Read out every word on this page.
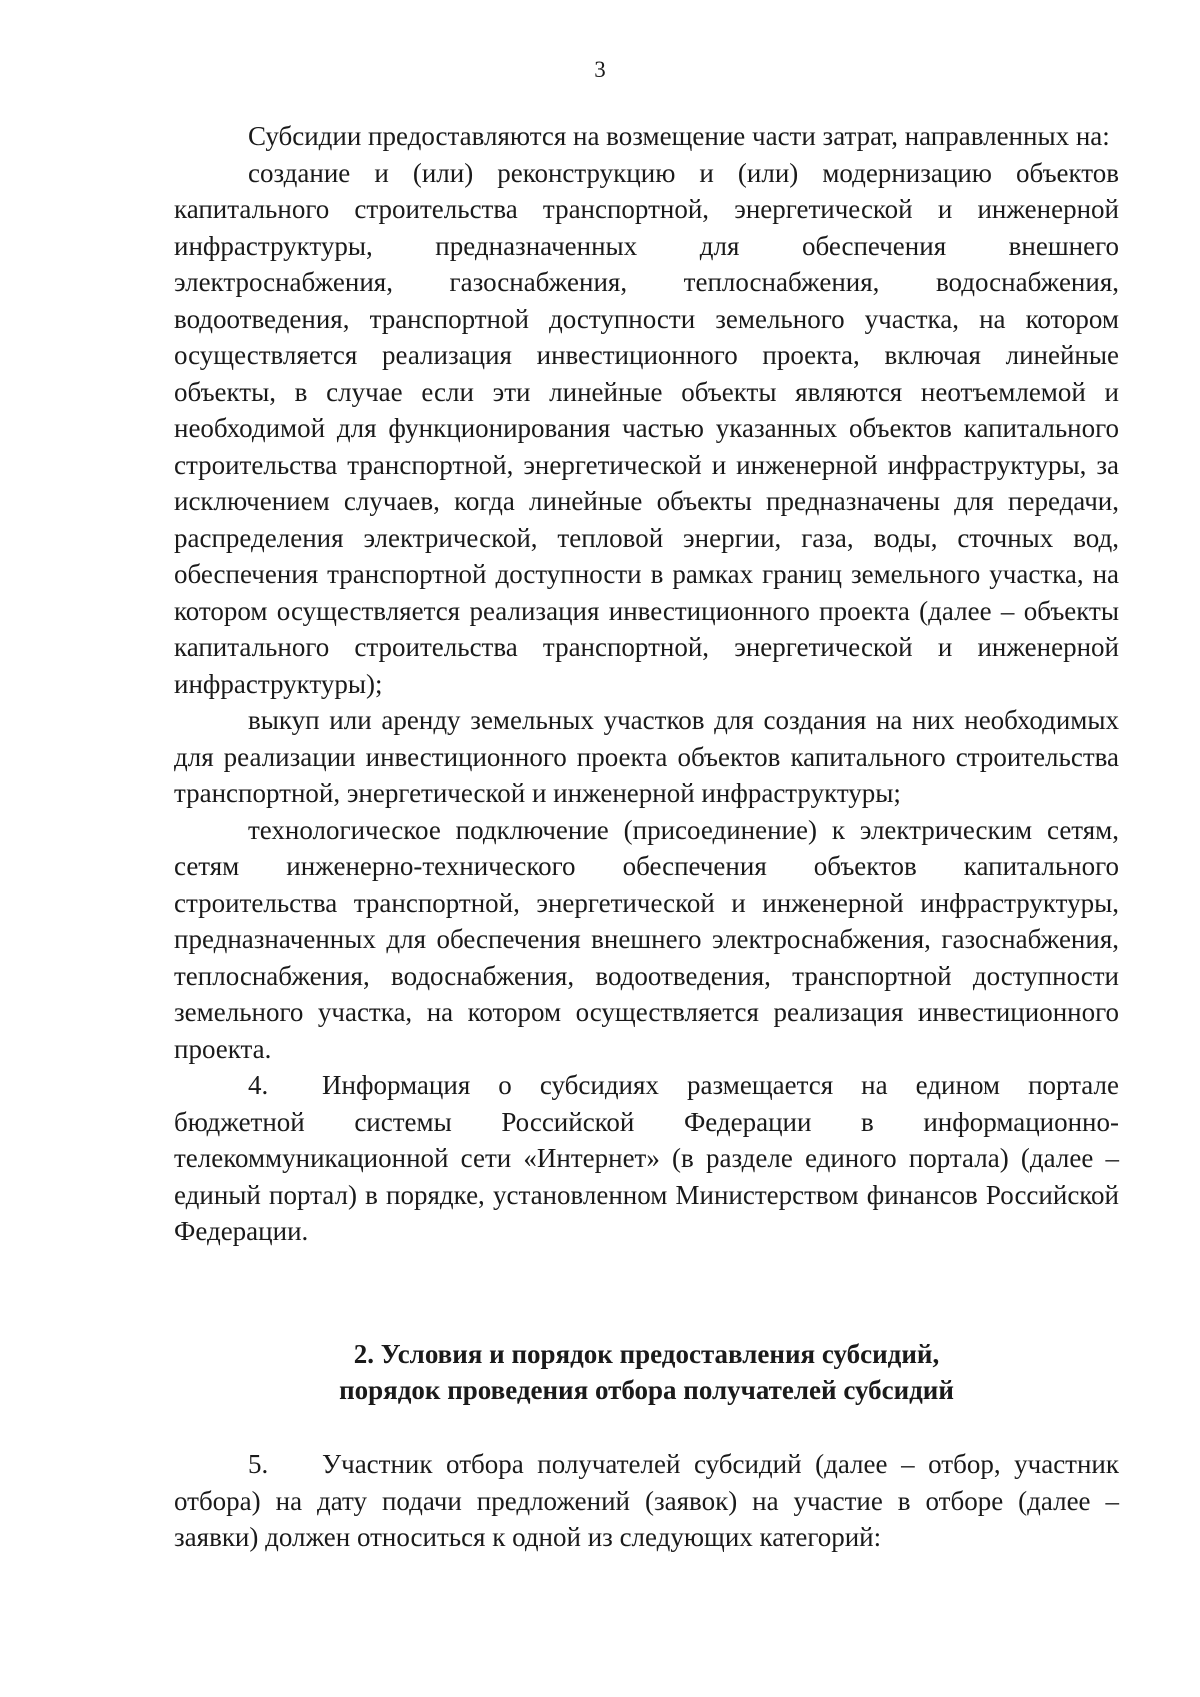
3

Субсидии предоставляются на возмещение части затрат, направленных на:

создание и (или) реконструкцию и (или) модернизацию объектов капитального строительства транспортной, энергетической и инженерной инфраструктуры, предназначенных для обеспечения внешнего электроснабжения, газоснабжения, теплоснабжения, водоснабжения, водоотведения, транспортной доступности земельного участка, на котором осуществляется реализация инвестиционного проекта, включая линейные объекты, в случае если эти линейные объекты являются неотъемлемой и необходимой для функционирования частью указанных объектов капитального строительства транспортной, энергетической и инженерной инфраструктуры, за исключением случаев, когда линейные объекты предназначены для передачи, распределения электрической, тепловой энергии, газа, воды, сточных вод, обеспечения транспортной доступности в рамках границ земельного участка, на котором осуществляется реализация инвестиционного проекта (далее – объекты капитального строительства транспортной, энергетической и инженерной инфраструктуры);

выкуп или аренду земельных участков для создания на них необходимых для реализации инвестиционного проекта объектов капитального строительства транспортной, энергетической и инженерной инфраструктуры;

технологическое подключение (присоединение) к электрическим сетям, сетям инженерно-технического обеспечения объектов капитального строительства транспортной, энергетической и инженерной инфраструктуры, предназначенных для обеспечения внешнего электроснабжения, газоснабжения, теплоснабжения, водоснабжения, водоотведения, транспортной доступности земельного участка, на котором осуществляется реализация инвестиционного проекта.

4. Информация о субсидиях размещается на едином портале бюджетной системы Российской Федерации в информационно-телекоммуникационной сети «Интернет» (в разделе единого портала) (далее – единый портал) в порядке, установленном Министерством финансов Российской Федерации.

2. Условия и порядок предоставления субсидий,
порядок проведения отбора получателей субсидий

5. Участник отбора получателей субсидий (далее – отбор, участник отбора) на дату подачи предложений (заявок) на участие в отборе (далее – заявки) должен относиться к одной из следующих категорий:
